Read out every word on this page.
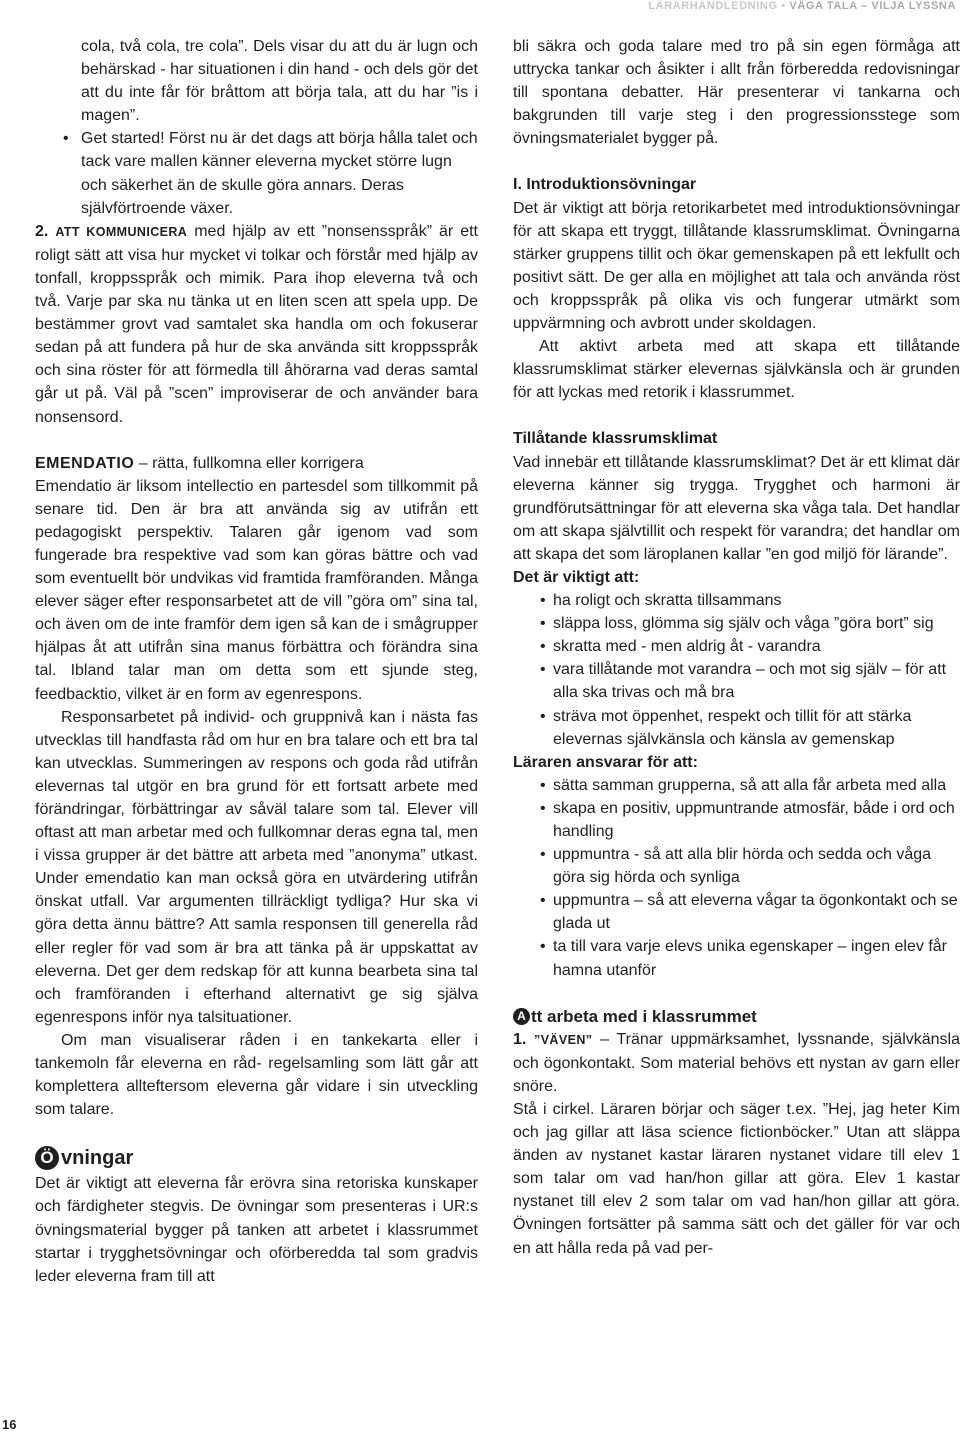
LÄRARHANDLEDNING • VÅGA TALA – VILJA LYSSNA
16

cola, två cola, tre cola”. Dels visar du att du är lugn och behärskad - har situationen i din hand - och dels gör det att du inte får för bråttom att börja tala, att du har ”is i magen”.

• Get started! Först nu är det dags att börja hålla talet och tack vare mallen känner eleverna mycket större lugn och säkerhet än de skulle göra annars. Deras självförtroende växer.

2. ATT KOMMUNICERA med hjälp av ett ”nonsensspråk” är ett roligt sätt att visa hur mycket vi tolkar och förstår med hjälp av tonfall, kroppsspråk och mimik. Para ihop eleverna två och två. Varje par ska nu tänka ut en liten scen att spela upp. De bestämmer grovt vad samtalet ska handla om och fokuserar sedan på att fundera på hur de ska använda sitt kroppsspråk och sina röster för att förmedla till åhörarna vad deras samtal går ut på. Väl på ”scen” improviserar de och använder bara nonsensord.

EMENDATIO – rätta, fullkomna eller korrigera

Emendatio är liksom intellectio en partesdel som tillkommit på senare tid. Den är bra att använda sig av utifrån ett pedagogiskt perspektiv. Talaren går igenom vad som fungerade bra respektive vad som kan göras bättre och vad som eventuellt bör undvikas vid framtida framföranden. Många elever säger efter responsarbetet att de vill ”göra om” sina tal, och även om de inte framför dem igen så kan de i smågrupper hjälpas åt att utifrån sina manus förbättra och förändra sina tal. Ibland talar man om detta som ett sjunde steg, feedbacktio, vilket är en form av egenrespons.

Responsarbetet på individ- och gruppnivå kan i nästa fas utvecklas till handfasta råd om hur en bra talare och ett bra tal kan utvecklas. Summeringen av respons och goda råd utifrån elevernas tal utgör en bra grund för ett fortsatt arbete med förändringar, förbättringar av såväl talare som tal. Elever vill oftast att man arbetar med och fullkomnar deras egna tal, men i vissa grupper är det bättre att arbeta med ”anonyma” utkast. Under emendatio kan man också göra en utvärdering utifrån önskat utfall. Var argumenten tillräckligt tydliga? Hur ska vi göra detta ännu bättre? Att samla responsen till generella råd eller regler för vad som är bra att tänka på är uppskattat av eleverna. Det ger dem redskap för att kunna bearbeta sina tal och framföranden i efterhand alternativt ge sig själva egenrespons inför nya talsituationer.

Om man visualiserar råden i en tankekarta eller i tankemoln får eleverna en råd- regelsamling som lätt går att komplettera allteftersom eleverna går vidare i sin utveckling som talare.

Ö vningar

Det är viktigt att eleverna får erövra sina retoriska kunskaper och färdigheter stegvis. De övningar som presenteras i UR:s övningsmaterial bygger på tanken att arbetet i klassrummet startar i trygghetsövningar och oförberedda tal som gradvis leder eleverna fram till att

bli säkra och goda talare med tro på sin egen förmåga att uttrycka tankar och åsikter i allt från förberedda redovisningar till spontana debatter. Här presenterar vi tankarna och bakgrunden till varje steg i den progressionsstege som övningsmaterialet bygger på.

I. Introduktionsövningar

Det är viktigt att börja retorikarbetet med introduktionsövningar för att skapa ett tryggt, tillåtande klassrumsklimat. Övningarna stärker gruppens tillit och ökar gemenskapen på ett lekfullt och positivt sätt. De ger alla en möjlighet att tala och använda röst och kroppsspråk på olika vis och fungerar utmärkt som uppvärmning och avbrott under skoldagen.

Att aktivt arbeta med att skapa ett tillåtande klassrumsklimat stärker elevernas självkänsla och är grunden för att lyckas med retorik i klassrummet.

Tillåtande klassrumsklimat

Vad innebär ett tillåtande klassrumsklimat? Det är ett klimat där eleverna känner sig trygga. Trygghet och harmoni är grundförutsättningar för att eleverna ska våga tala. Det handlar om att skapa självtillit och respekt för varandra; det handlar om att skapa det som läroplanen kallar ”en god miljö för lärande”.

Det är viktigt att:

• ha roligt och skratta tillsammans

• släppa loss, glömma sig själv och våga ”göra bort” sig

• skratta med - men aldrig åt - varandra

• vara tillåtande mot varandra – och mot sig själv – för att alla ska trivas och må bra

• sträva mot öppenhet, respekt och tillit för att stärka elevernas självkänsla och känsla av gemenskap

Läraren ansvarar för att:

• sätta samman grupperna, så att alla får arbeta med alla

• skapa en positiv, uppmuntrande atmosfär, både i ord och handling

• uppmuntra - så att alla blir hörda och sedda och våga göra sig hörda och synliga

• uppmuntra – så att eleverna vågar ta ögonkontakt och se glada ut

• ta till vara varje elevs unika egenskaper – ingen elev får hamna utanför

A tt arbeta med i klassrummet

1. ”VÄVEN” – Tränar uppmärksamhet, lyssnande, självkänsla och ögonkontakt. Som material behövs ett nystan av garn eller snöre.

Stå i cirkel. Läraren börjar och säger t.ex. ”Hej, jag heter Kim och jag gillar att läsa science fictionböcker.” Utan att släppa änden av nystanet kastar läraren nystanet vidare till elev 1 som talar om vad han/hon gillar att göra. Elev 1 kastar nystanet till elev 2 som talar om vad han/hon gillar att göra. Övningen fortsätter på samma sätt och det gäller för var och en att hålla reda på vad per-
